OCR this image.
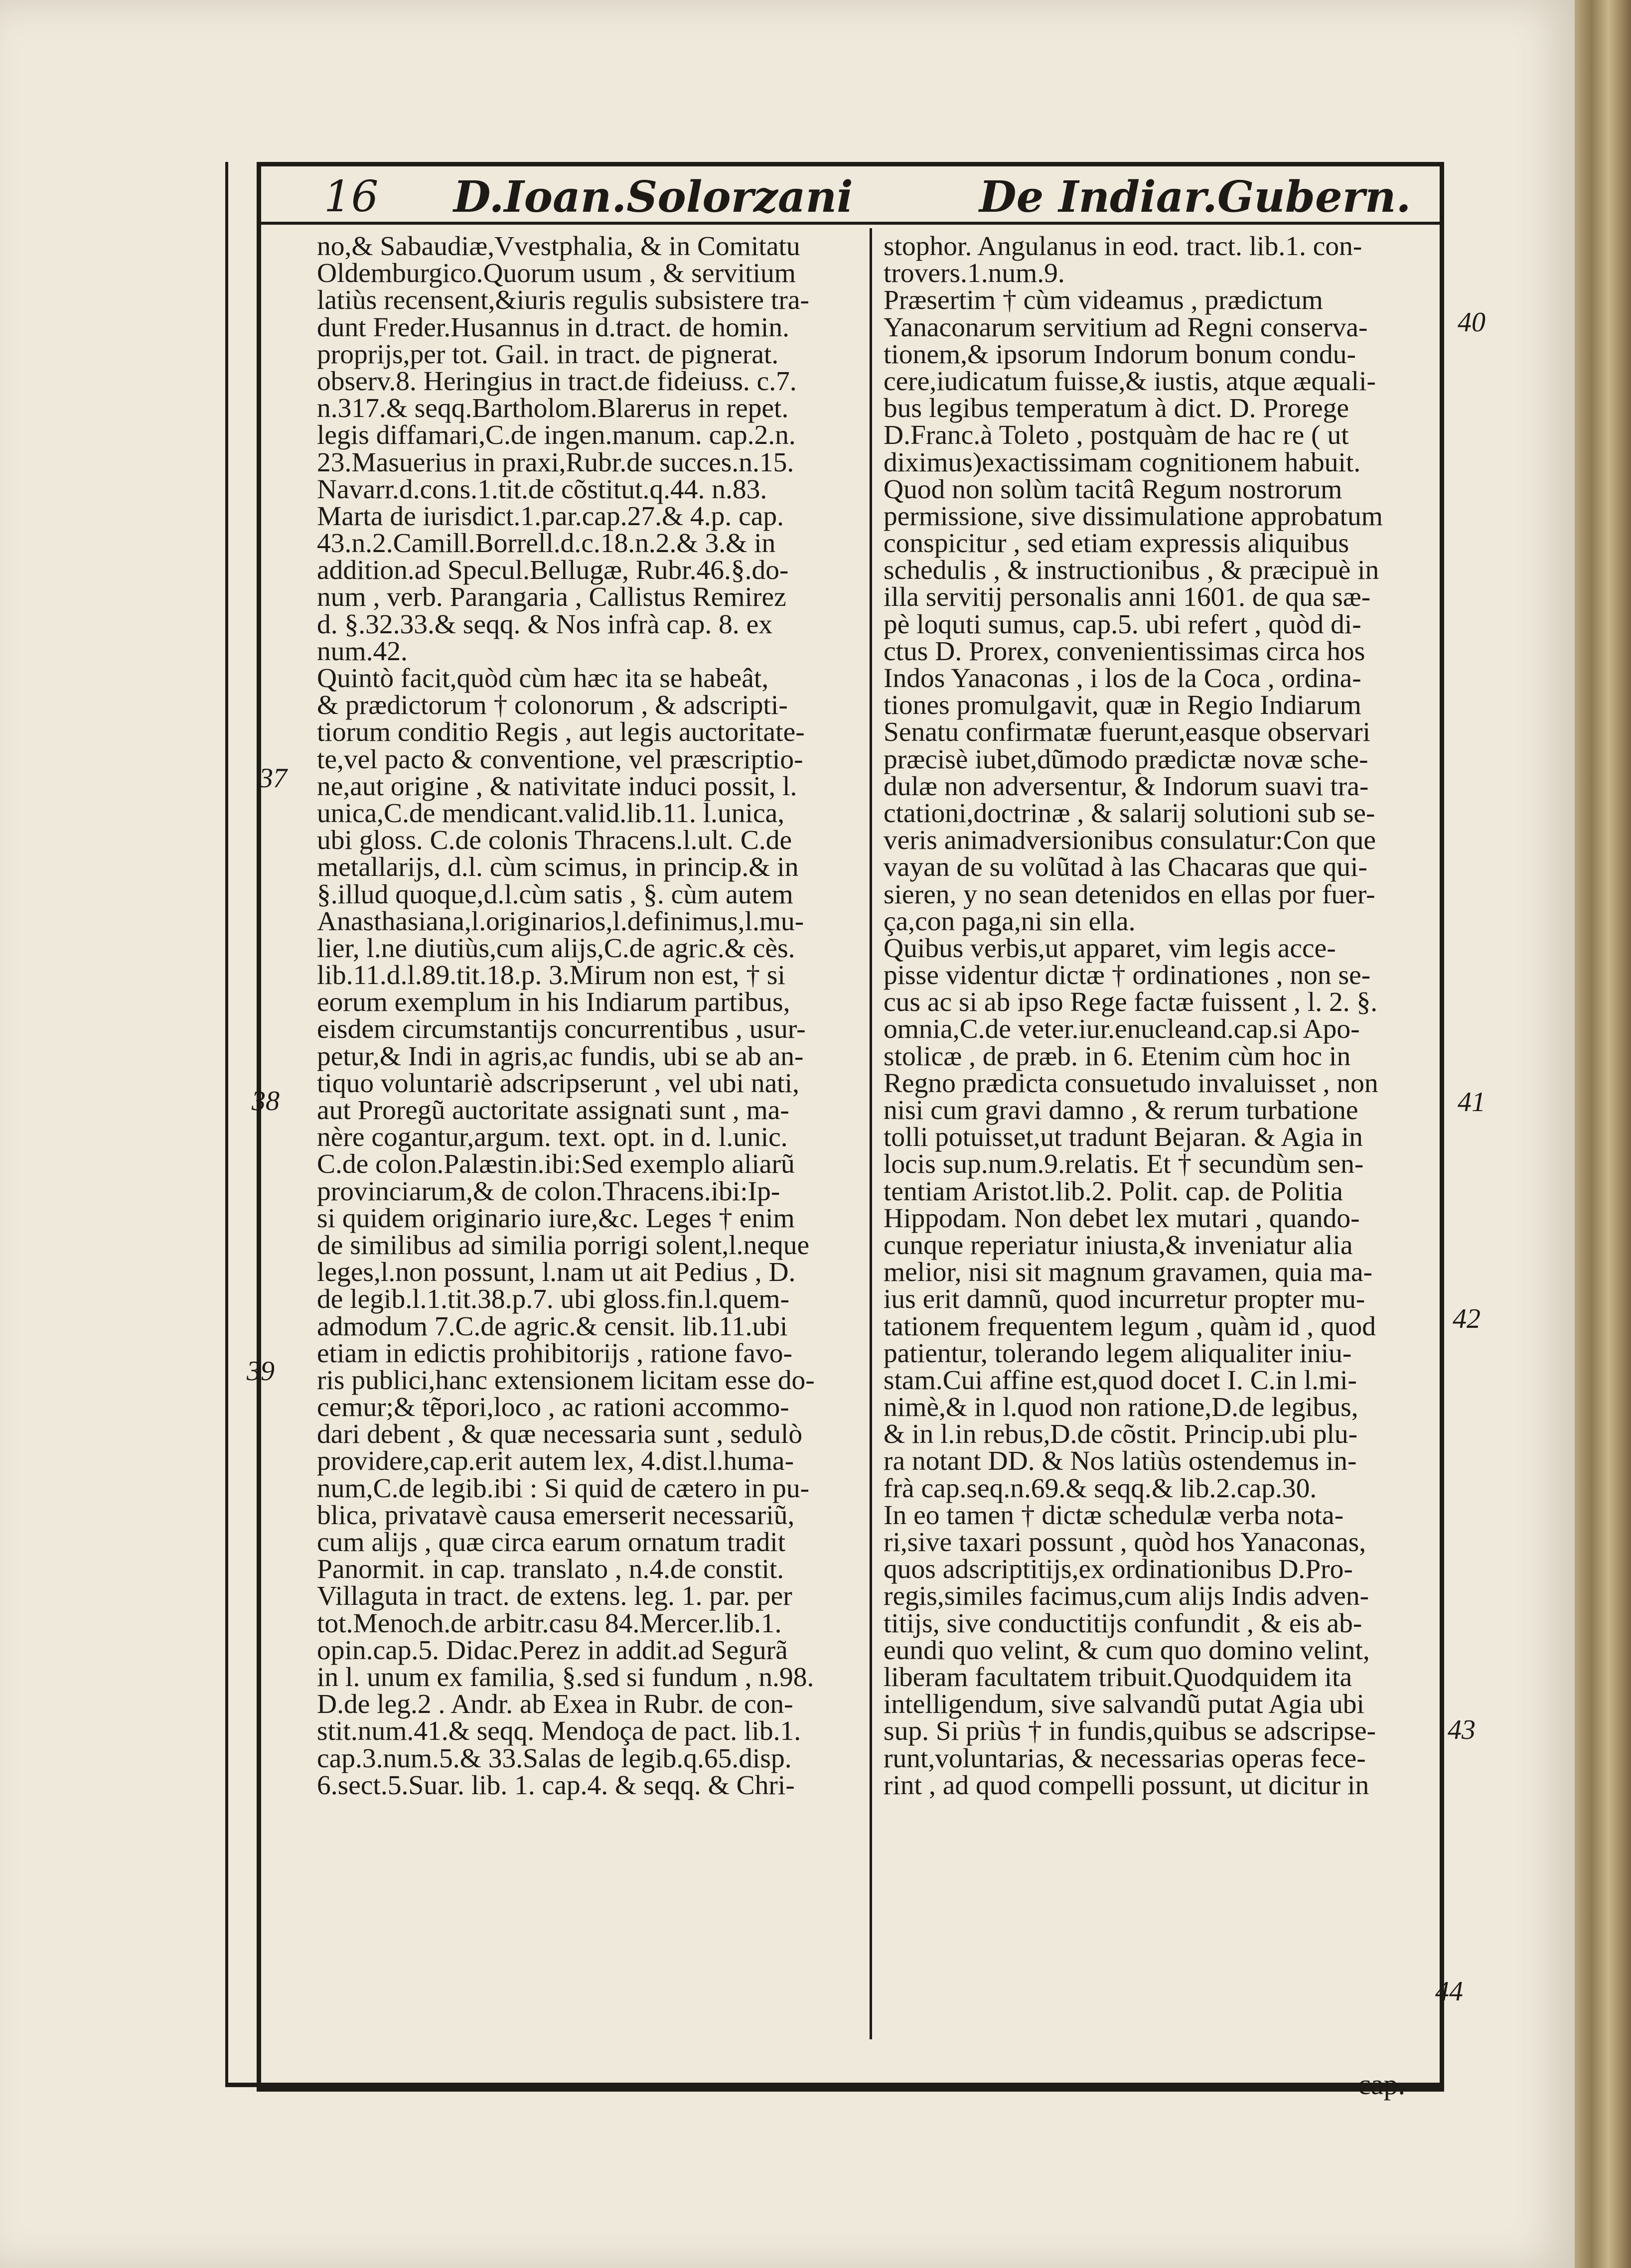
16 D.Ioan.Solorzani	De Indiar.Gubern.
no,& Sabaudiæ,Vvestphalia, & in Comitatu
Oldemburgico.Quorum usum , & servitium
latiùs recensent,&iuris regulis subsistere tra-
dunt Freder.Husannus in d.tract. de homin.
proprijs,per tot. Gail. in tract. de pignerat.
observ.8. Heringius in tract.de fideiuss. c.7.
n.317.& seqq.Bartholom.Blarerus in repet.
legis diffamari,C.de ingen.manum. cap.2.n.
23.Masuerius in praxi,Rubr.de succes.n.15.
Navarr.d.cons.1.tit.de cõstitut.q.44. n.83.
Marta de iurisdict.1.par.cap.27.& 4.p. cap.
43.n.2.Camill.Borrell.d.c.18.n.2.& 3.& in
addition.ad Specul.Bellugæ, Rubr.46.§.do-
num , verb. Parangaria , Callistus Remirez
d. §.32.33.& seqq. & Nos infrà cap. 8. ex
num.42.
Quintò facit,quòd cùm hæc ita se habeât,
& prædictorum † colonorum , & adscripti-
tiorum conditio Regis , aut legis auctoritate-
te,vel pacto & conventione, vel præscriptio-
ne,aut origine , & nativitate induci possit, l.
unica,C.de mendicant.valid.lib.11. l.unica,
ubi gloss. C.de colonis Thracens.l.ult. C.de
metallarijs, d.l. cùm scimus, in princip.& in
§.illud quoque,d.l.cùm satis , §. cùm autem
Anasthasiana,l.originarios,l.definimus,l.mu-
lier, l.ne diutiùs,cum alijs,C.de agric.& cès.
lib.11.d.l.89.tit.18.p. 3.Mirum non est, † si
eorum exemplum in his Indiarum partibus,
eisdem circumstantijs concurrentibus , usur-
petur,& Indi in agris,ac fundis, ubi se ab an-
tiquo voluntariè adscripserunt , vel ubi nati,
aut Proregũ auctoritate assignati sunt , ma-
nère cogantur,argum. text. opt. in d. l.unic.
C.de colon.Palæstin.ibi:Sed exemplo aliarũ
provinciarum,& de colon.Thracens.ibi:Ip-
si quidem originario iure,&c. Leges † enim
de similibus ad similia porrigi solent,l.neque
leges,l.non possunt, l.nam ut ait Pedius , D.
de legib.l.1.tit.38.p.7. ubi gloss.fin.l.quem-
admodum 7.C.de agric.& censit. lib.11.ubi
etiam in edictis prohibitorijs , ratione favo-
ris publici,hanc extensionem licitam esse do-
cemur;& tẽpori,loco , ac rationi accommo-
dari debent , & quæ necessaria sunt , sedulò
providere,cap.erit autem lex, 4.dist.l.huma-
num,C.de legib.ibi : Si quid de cætero in pu-
blica, privatavè causa emerserit necessariũ,
cum alijs , quæ circa earum ornatum tradit
Panormit. in cap. translato , n.4.de constit.
Villaguta in tract. de extens. leg. 1. par. per
tot.Menoch.de arbitr.casu 84.Mercer.lib.1.
opin.cap.5. Didac.Perez in addit.ad Segurã
in l. unum ex familia, §.sed si fundum , n.98.
D.de leg.2 . Andr. ab Exea in Rubr. de con-
stit.num.41.& seqq. Mendoça de pact. lib.1.
cap.3.num.5.& 33.Salas de legib.q.65.disp.
6.sect.5.Suar. lib. 1. cap.4. & seqq. & Chri-
stophor. Angulanus in eod. tract. lib.1. con-
trovers.1.num.9.
Præsertim † cùm videamus , prædictum
Yanaconarum servitium ad Regni conserva-
tionem,& ipsorum Indorum bonum condu-
cere,iudicatum fuisse,& iustis, atque æquali-
bus legibus temperatum à dict. D. Prorege
D.Franc.à Toleto , postquàm de hac re ( ut
diximus)exactissimam cognitionem habuit.
Quod non solùm tacitâ Regum nostrorum
permissione, sive dissimulatione approbatum
conspicitur , sed etiam expressis aliquibus
schedulis , & instructionibus , & præcipuè in
illa servitij personalis anni 1601. de qua sæ-
pè loquti sumus, cap.5. ubi refert , quòd di-
ctus D. Prorex, convenientissimas circa hos
Indos Yanaconas , i los de la Coca , ordina-
tiones promulgavit, quæ in Regio Indiarum
Senatu confirmatæ fuerunt,easque observari
præcisè iubet,dũmodo prædictæ novæ sche-
dulæ non adversentur, & Indorum suavi tra-
ctationi,doctrinæ , & salarij solutioni sub se-
veris animadversionibus consulatur:Con que
vayan de su volũtad à las Chacaras que qui-
sieren, y no sean detenidos en ellas por fuer-
ça,con paga,ni sin ella.
Quibus verbis,ut apparet, vim legis acce-
pisse videntur dictæ † ordinationes , non se-
cus ac si ab ipso Rege factæ fuissent , l. 2. §.
omnia,C.de veter.iur.enucleand.cap.si Apo-
stolicæ , de præb. in 6. Etenim cùm hoc in
Regno prædicta consuetudo invaluisset , non
nisi cum gravi damno , & rerum turbatione
tolli potuisset,ut tradunt Bejaran. & Agia in
locis sup.num.9.relatis. Et † secundùm sen-
tentiam Aristot.lib.2. Polit. cap. de Politia
Hippodam. Non debet lex mutari , quando-
cunque reperiatur iniusta,& inveniatur alia
melior, nisi sit magnum gravamen, quia ma-
ius erit damnũ, quod incurretur propter mu-
tationem frequentem legum , quàm id , quod
patientur, tolerando legem aliqualiter iniu-
stam.Cui affine est,quod docet I. C.in l.mi-
nimè,& in l.quod non ratione,D.de legibus,
& in l.in rebus,D.de cõstit. Princip.ubi plu-
ra notant DD. & Nos latiùs ostendemus in-
frà cap.seq.n.69.& seqq.& lib.2.cap.30.
In eo tamen † dictæ schedulæ verba nota-
ri,sive taxari possunt , quòd hos Yanaconas,
quos adscriptitijs,ex ordinationibus D.Pro-
regis,similes facimus,cum alijs Indis adven-
titijs, sive conductitijs confundit , & eis ab-
eundi quo velint, & cum quo domino velint,
liberam facultatem tribuit.Quodquidem ita
intelligendum, sive salvandũ putat Agia ubi
sup. Si priùs † in fundis,quibus se adscripse-
runt,voluntarias, & necessarias operas fece-
rint , ad quod compelli possunt, ut dicitur in
37
38
39
40
41
42
43
44
cap.
